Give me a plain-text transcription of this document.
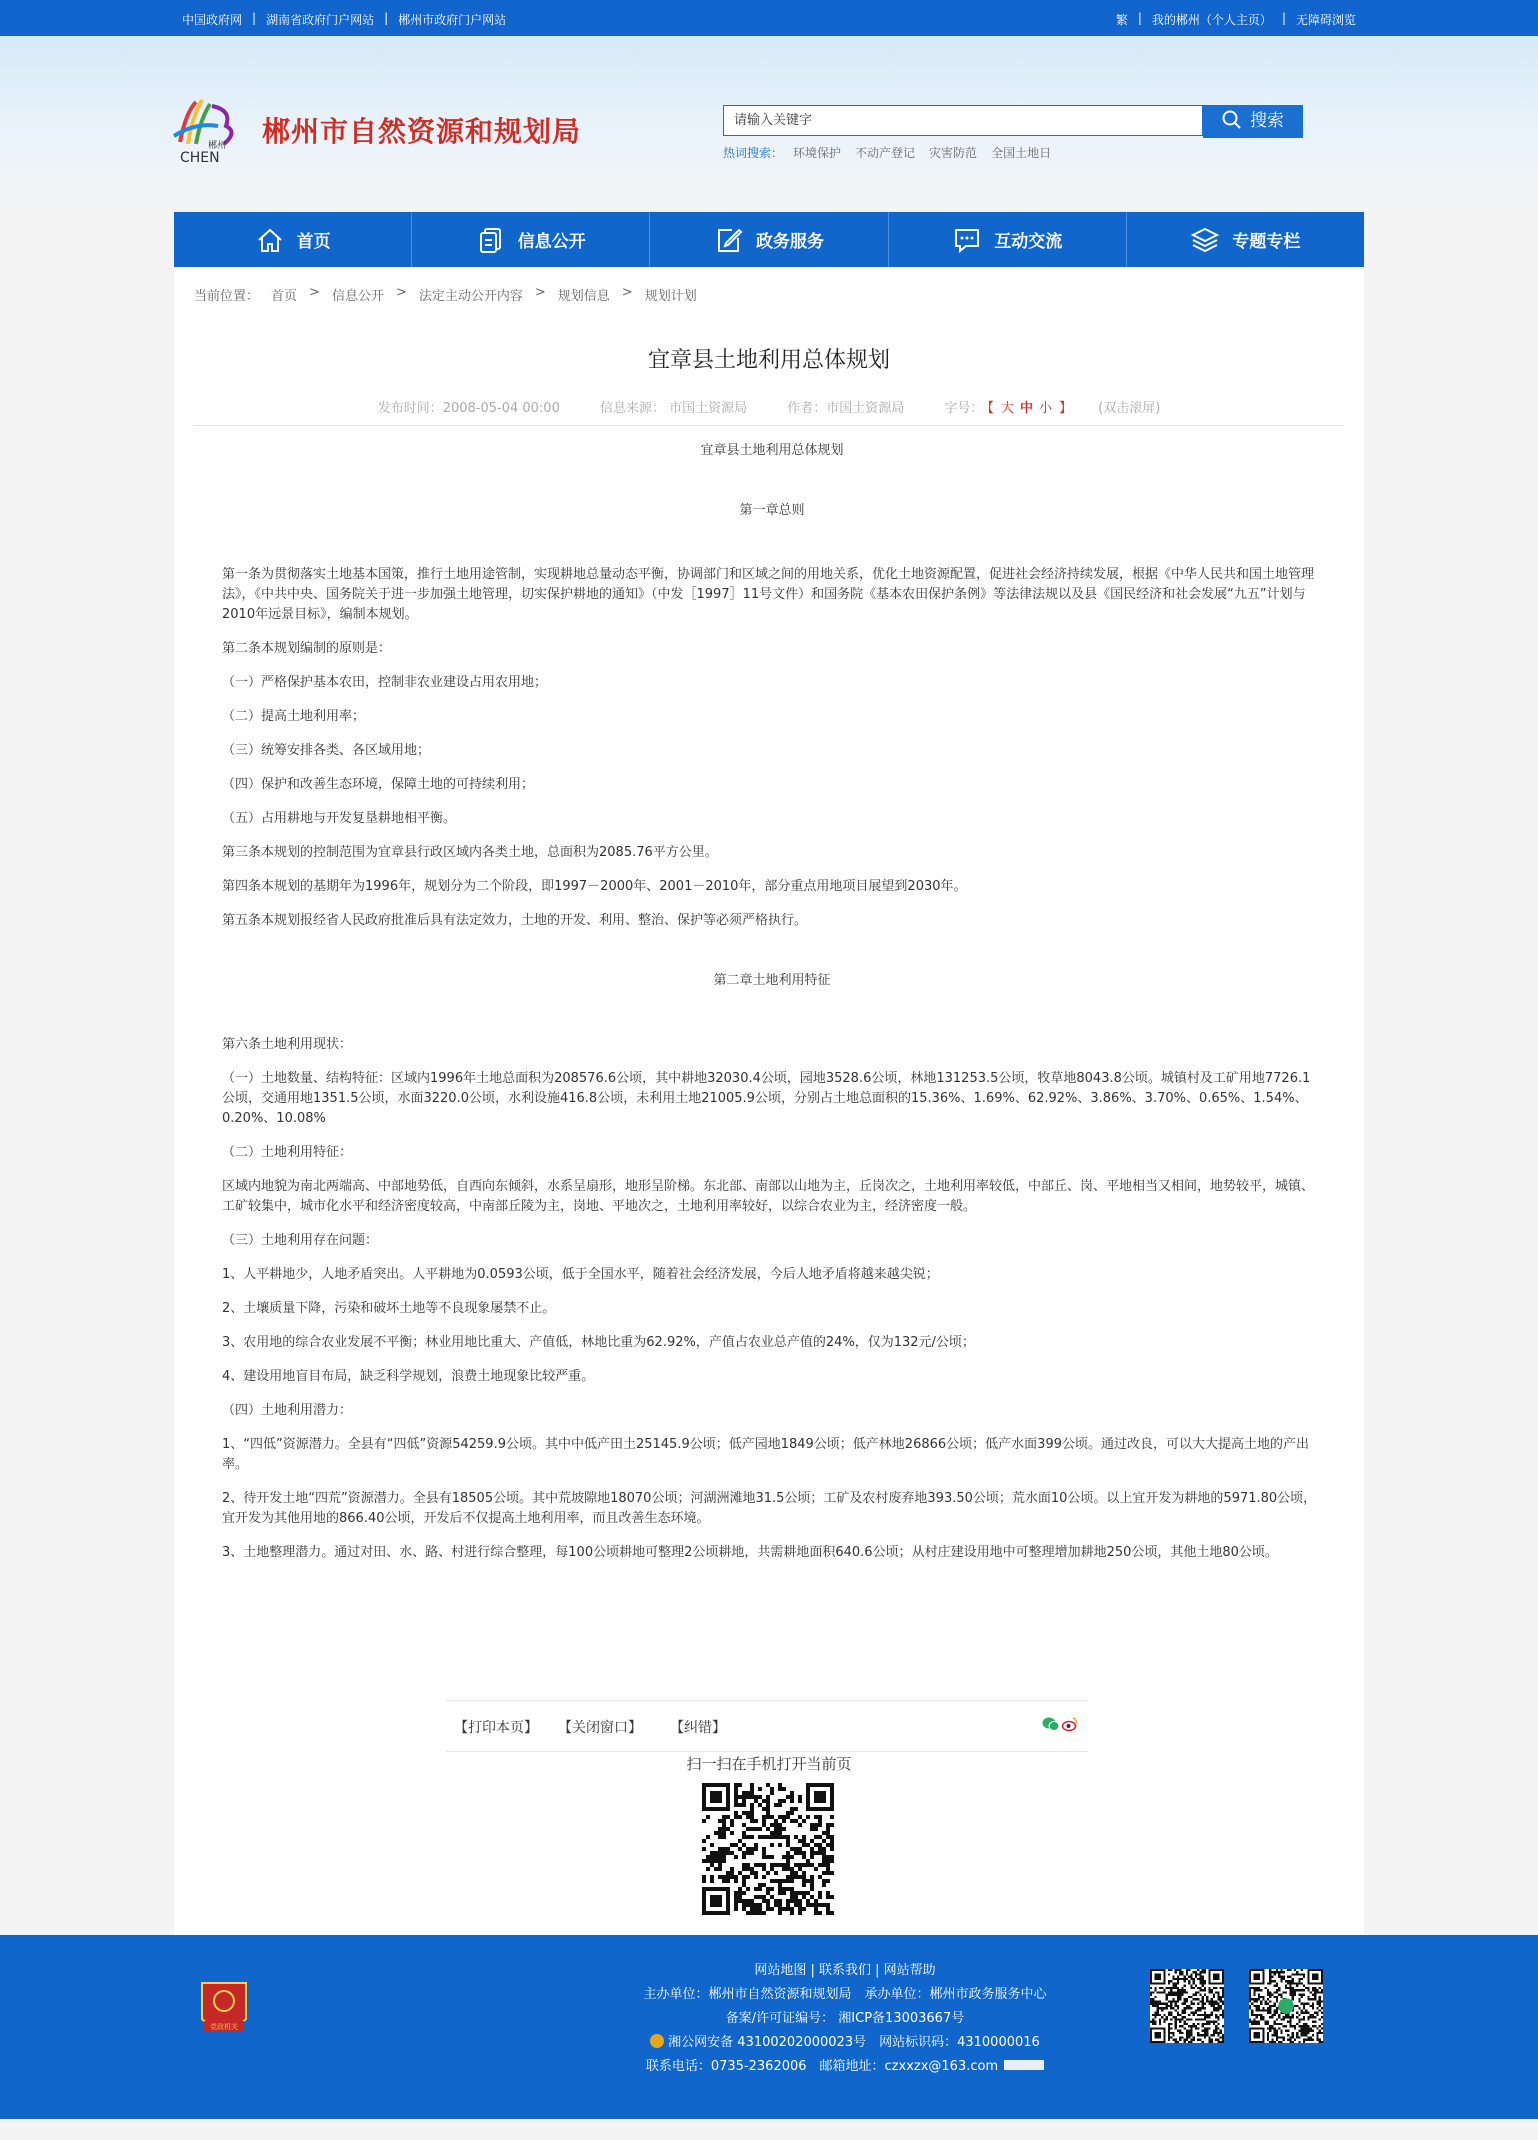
中国政府网 | 湖南省政府门户网站 | 郴州市政府门户网站	繁 | 我的郴州（个人主页） | 无障碍浏览
郴州
CHEN
郴州市自然资源和规划局	请输入关键字	搜索
热词搜索： 环境保护 不动产登记 灾害防范 全国土地日
首页	信息公开	政务服务	互动交流	专题专栏
当前位置： 首页 > 信息公开 > 法定主动公开内容 > 规划信息 > 规划计划
宜章县土地利用总体规划
发布时间：2008-05-04 00:00	信息来源： 市国土资源局	作者：市国土资源局	字号： 【 大 中 小 】 (双击滚屏)

宜章县土地利用总体规划

第一章总则

第一条为贯彻落实土地基本国策，推行土地用途管制，实现耕地总量动态平衡，协调部门和区域之间的用地关系，优化土地资源配置，促进社会经济持续发展，根据《中华人民共和国土地管理法》，《中共中央、国务院关于进一步加强土地管理，切实保护耕地的通知》（中发［1997］11号文件）和国务院《基本农田保护条例》等法律法规以及县《国民经济和社会发展“九五”计划与2010年远景目标》，编制本规划。

第二条本规划编制的原则是：

（一）严格保护基本农田，控制非农业建设占用农用地；

（二）提高土地利用率；

（三）统筹安排各类、各区域用地；

（四）保护和改善生态环境，保障土地的可持续利用；

（五）占用耕地与开发复垦耕地相平衡。

第三条本规划的控制范围为宜章县行政区域内各类土地，总面积为2085.76平方公里。

第四条本规划的基期年为1996年，规划分为二个阶段，即1997－2000年、2001－2010年，部分重点用地项目展望到2030年。

第五条本规划报经省人民政府批准后具有法定效力，土地的开发、利用、整治、保护等必须严格执行。

第二章土地利用特征

第六条土地利用现状：

（一）土地数量、结构特征：区域内1996年土地总面积为208576.6公顷，其中耕地32030.4公顷，园地3528.6公顷，林地131253.5公顷，牧草地8043.8公顷。城镇村及工矿用地7726.1公顷，交通用地1351.5公顷，水面3220.0公顷，水利设施416.8公顷，未利用土地21005.9公顷，分别占土地总面积的15.36%、1.69%、62.92%、3.86%、3.70%、0.65%、1.54%、0.20%、10.08%

（二）土地利用特征：

区域内地貌为南北两端高、中部地势低，自西向东倾斜，水系呈扇形，地形呈阶梯。东北部、南部以山地为主，丘岗次之，土地利用率较低，中部丘、岗、平地相当又相间，地势较平，城镇、工矿较集中，城市化水平和经济密度较高，中南部丘陵为主，岗地、平地次之，土地利用率较好，以综合农业为主，经济密度一般。

（三）土地利用存在问题：

1、人平耕地少，人地矛盾突出。人平耕地为0.0593公顷，低于全国水平，随着社会经济发展，今后人地矛盾将越来越尖锐；

2、土壤质量下降，污染和破坏土地等不良现象屡禁不止。

3、农用地的综合农业发展不平衡；林业用地比重大、产值低，林地比重为62.92%，产值占农业总产值的24%，仅为132元/公顷；

4、建设用地盲目布局，缺乏科学规划，浪费土地现象比较严重。

（四）土地利用潜力：

1、“四低”资源潜力。全县有“四低”资源54259.9公顷。其中中低产田土25145.9公顷；低产园地1849公顷；低产林地26866公顷；低产水面399公顷。通过改良，可以大大提高土地的产出率。

2、待开发土地“四荒”资源潜力。全县有18505公顷。其中荒坡隙地18070公顷；河湖洲滩地31.5公顷；工矿及农村废弃地393.50公顷；荒水面10公顷。以上宜开发为耕地的5971.80公顷，宜开发为其他用地的866.40公顷，开发后不仅提高土地利用率，而且改善生态环境。

3、土地整理潜力。通过对田、水、路、村进行综合整理，每100公顷耕地可整理2公顷耕地，共需耕地面积640.6公顷；从村庄建设用地中可整理增加耕地250公顷，其他土地80公顷。

【打印本页】 【关闭窗口】 【纠错】
扫一扫在手机打开当前页
党政机关
网站地图 | 联系我们 | 网站帮助
主办单位：郴州市自然资源和规划局　承办单位：郴州市政务服务中心
备案/许可证编号： 湘ICP备13003667号
湘公网安备 43100202000023号　网站标识码：4310000016
联系电话：0735-2362006　邮箱地址：czxxzx@163.com
